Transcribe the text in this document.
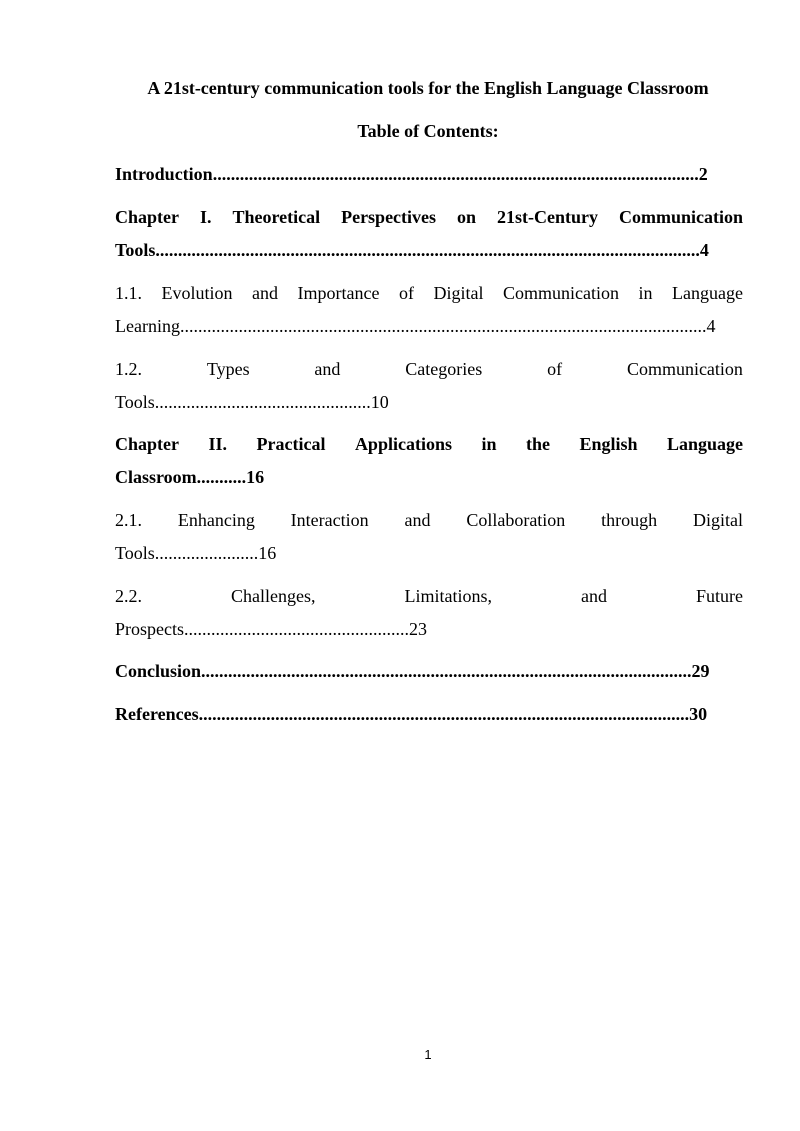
A 21st-century communication tools for the English Language Classroom
Table of Contents:
Introduction............................................................................................................2
Chapter I. Theoretical Perspectives on 21st-Century Communication
Tools.........................................................................................................................4
1.1. Evolution and Importance of Digital Communication in Language
Learning.....................................................................................................................4
1.2.	Types	and	Categories	of	Communication
Tools................................................10
Chapter II. Practical Applications in the English Language
Classroom...........16
2.1. Enhancing Interaction and Collaboration through Digital
Tools.......................16
2.2.	Challenges,	Limitations,	and	Future
Prospects..................................................23
Conclusion.............................................................................................................29
References.............................................................................................................30
1
